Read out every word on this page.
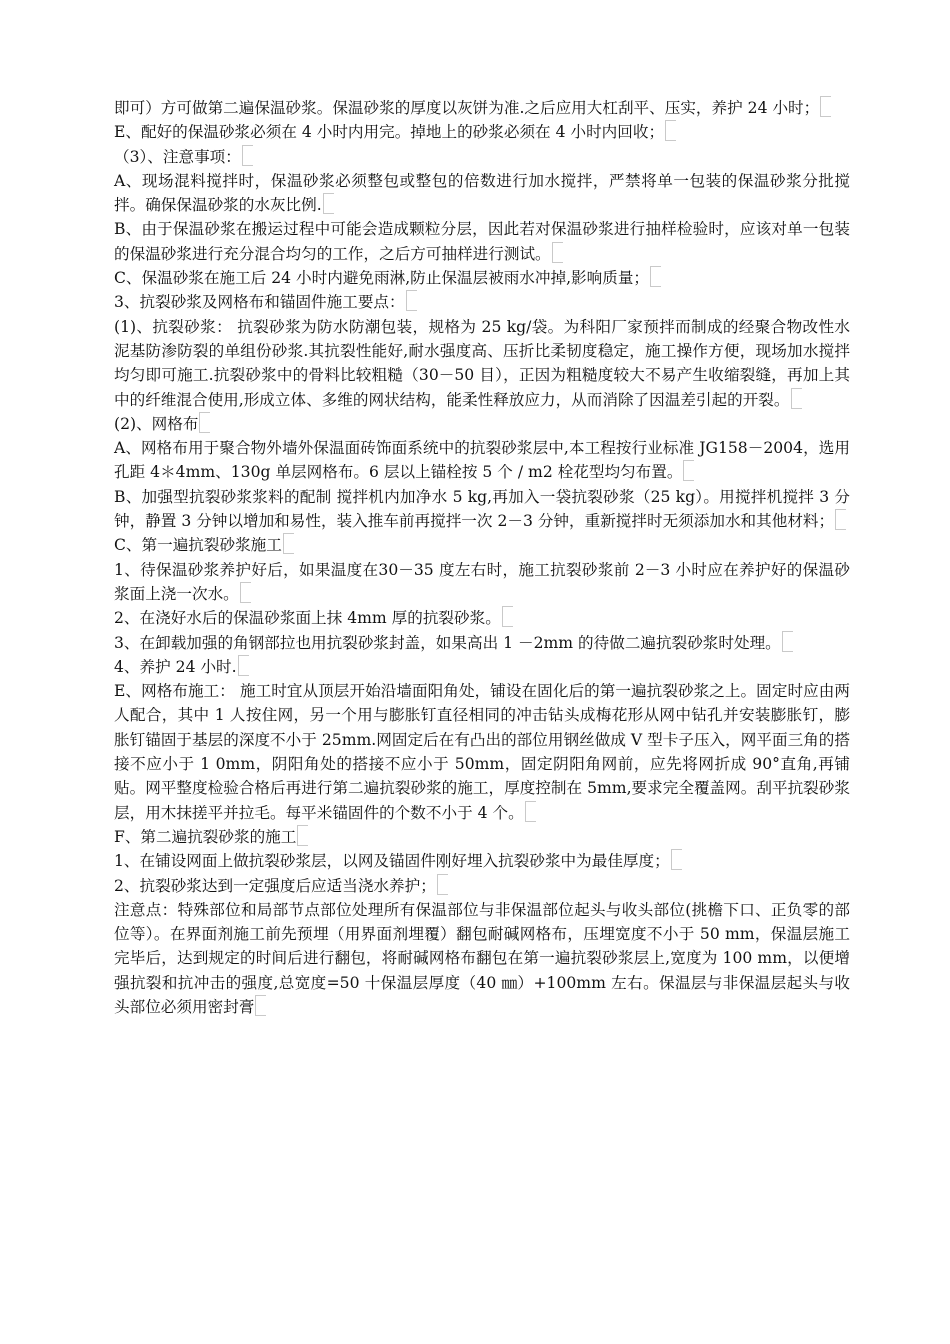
即可）方可做第二遍保温砂浆。保温砂浆的厚度以灰饼为准.之后应用大杠刮平、压实，养护 24 小时；

E、配好的保温砂浆必须在 4 小时内用完。掉地上的砂浆必须在 4 小时内回收；

（3）、注意事项：

A、现场混料搅拌时，保温砂浆必须整包或整包的倍数进行加水搅拌，严禁将单一包装的保温砂浆分批搅拌。确保保温砂浆的水灰比例.

B、由于保温砂浆在搬运过程中可能会造成颗粒分层，因此若对保温砂浆进行抽样检验时，应该对单一包装的保温砂浆进行充分混合均匀的工作，之后方可抽样进行测试。

C、保温砂浆在施工后 24 小时内避免雨淋,防止保温层被雨水冲掉,影响质量；

3、抗裂砂浆及网格布和锚固件施工要点：

(1)、抗裂砂浆： 抗裂砂浆为防水防潮包装，规格为 25 kg/袋。为科阳厂家预拌而制成的经聚合物改性水泥基防渗防裂的单组份砂浆.其抗裂性能好,耐水强度高、压折比柔韧度稳定，施工操作方便，现场加水搅拌均匀即可施工.抗裂砂浆中的骨料比较粗糙（30－50 目），正因为粗糙度较大不易产生收缩裂缝，再加上其中的纤维混合使用,形成立体、多维的网状结构，能柔性释放应力，从而消除了因温差引起的开裂。

(2)、网格布

A、网格布用于聚合物外墙外保温面砖饰面系统中的抗裂砂浆层中,本工程按行业标准 JG158－2004，选用孔距 4＊4mm、130g 单层网格布。6 层以上锚栓按 5 个 / m2 栓花型均匀布置。

B、加强型抗裂砂浆浆料的配制 搅拌机内加净水 5 kg,再加入一袋抗裂砂浆（25 kg）。用搅拌机搅拌 3 分钟，静置 3 分钟以增加和易性，装入推车前再搅拌一次 2－3 分钟，重新搅拌时无须添加水和其他材料；

C、第一遍抗裂砂浆施工

1、待保温砂浆养护好后，如果温度在30－35 度左右时，施工抗裂砂浆前 2－3 小时应在养护好的保温砂浆面上浇一次水。

2、在浇好水后的保温砂浆面上抹 4mm 厚的抗裂砂浆。

3、在卸载加强的角钢部拉也用抗裂砂浆封盖，如果高出 1 －2mm 的待做二遍抗裂砂浆时处理。

4、养护 24 小时.

E、网格布施工： 施工时宜从顶层开始沿墙面阳角处，铺设在固化后的第一遍抗裂砂浆之上。固定时应由两人配合，其中 1 人按住网，另一个用与膨胀钉直径相同的冲击钻头成梅花形从网中钻孔并安装膨胀钉，膨胀钉锚固于基层的深度不小于 25mm.网固定后在有凸出的部位用钢丝做成 V 型卡子压入，网平面三角的搭接不应小于 1 0mm，阴阳角处的搭接不应小于 50mm，固定阴阳角网前，应先将网折成 90°直角,再铺贴。网平整度检验合格后再进行第二遍抗裂砂浆的施工，厚度控制在 5mm,要求完全覆盖网。刮平抗裂砂浆层，用木抹搓平并拉毛。每平米锚固件的个数不小于 4 个。

F、第二遍抗裂砂浆的施工

1、在铺设网面上做抗裂砂浆层，以网及锚固件刚好埋入抗裂砂浆中为最佳厚度；

2、抗裂砂浆达到一定强度后应适当浇水养护；

注意点：特殊部位和局部节点部位处理所有保温部位与非保温部位起头与收头部位(挑檐下口、正负零的部位等）。在界面剂施工前先预埋（用界面剂埋覆）翻包耐碱网格布，压埋宽度不小于 50 mm，保温层施工完毕后，达到规定的时间后进行翻包，将耐碱网格布翻包在第一遍抗裂砂浆层上,宽度为 100 mm，以便增强抗裂和抗冲击的强度,总宽度=50 十保温层厚度（40 ㎜）+100mm 左右。保温层与非保温层起头与收头部位必须用密封膏
